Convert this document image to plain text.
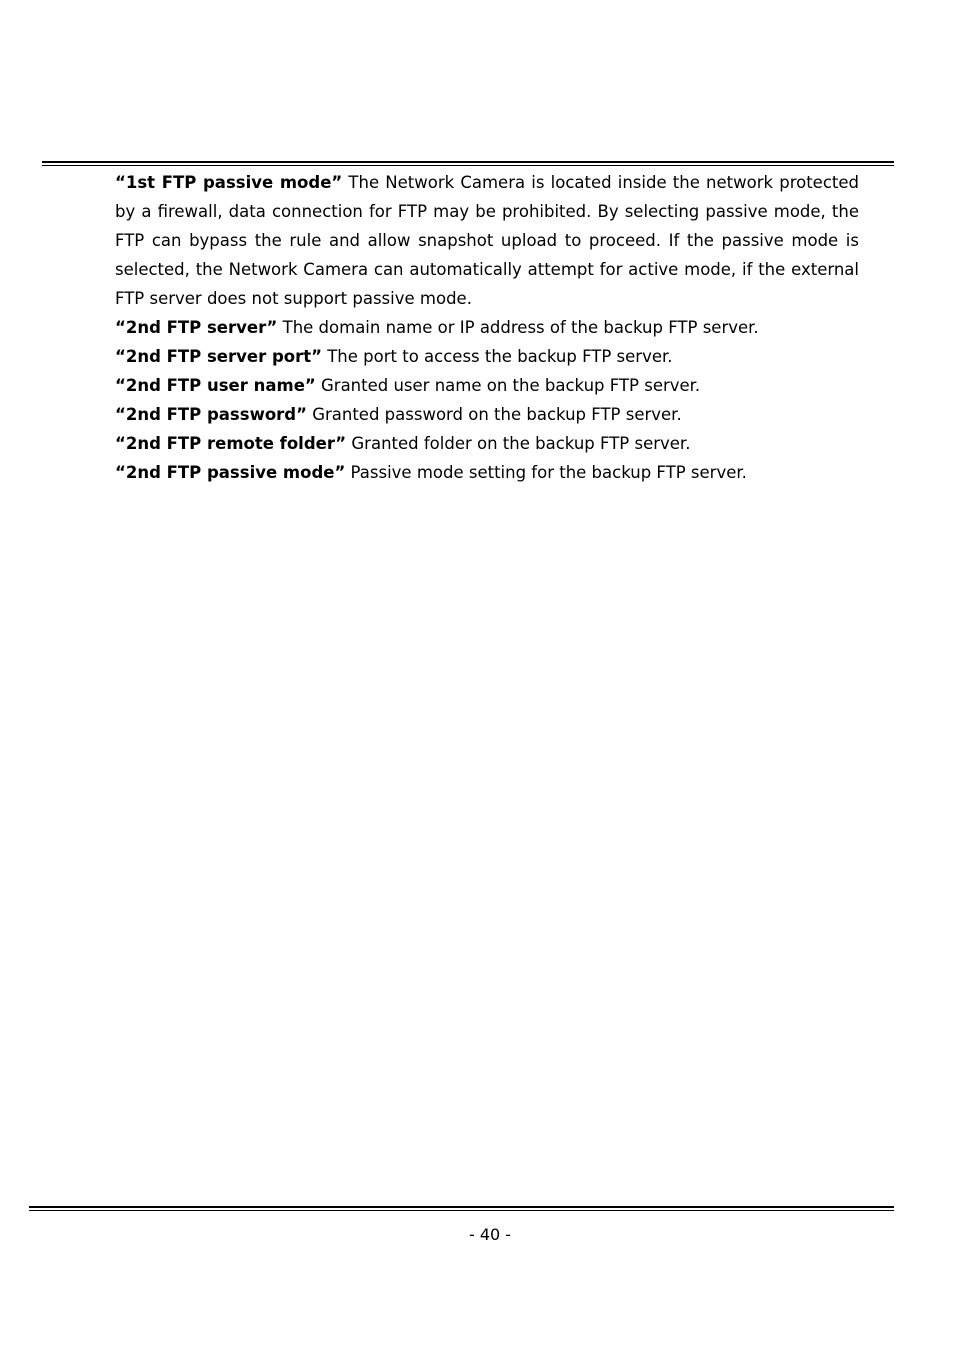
“1st FTP passive mode” The Network Camera is located inside the network protected by a firewall, data connection for FTP may be prohibited. By selecting passive mode, the FTP can bypass the rule and allow snapshot upload to proceed. If the passive mode is selected, the Network Camera can automatically attempt for active mode, if the external FTP server does not support passive mode.

“2nd FTP server” The domain name or IP address of the backup FTP server.

“2nd FTP server port” The port to access the backup FTP server.

“2nd FTP user name” Granted user name on the backup FTP server.

“2nd FTP password” Granted password on the backup FTP server.

“2nd FTP remote folder” Granted folder on the backup FTP server.

“2nd FTP passive mode” Passive mode setting for the backup FTP server.

- 40 -
